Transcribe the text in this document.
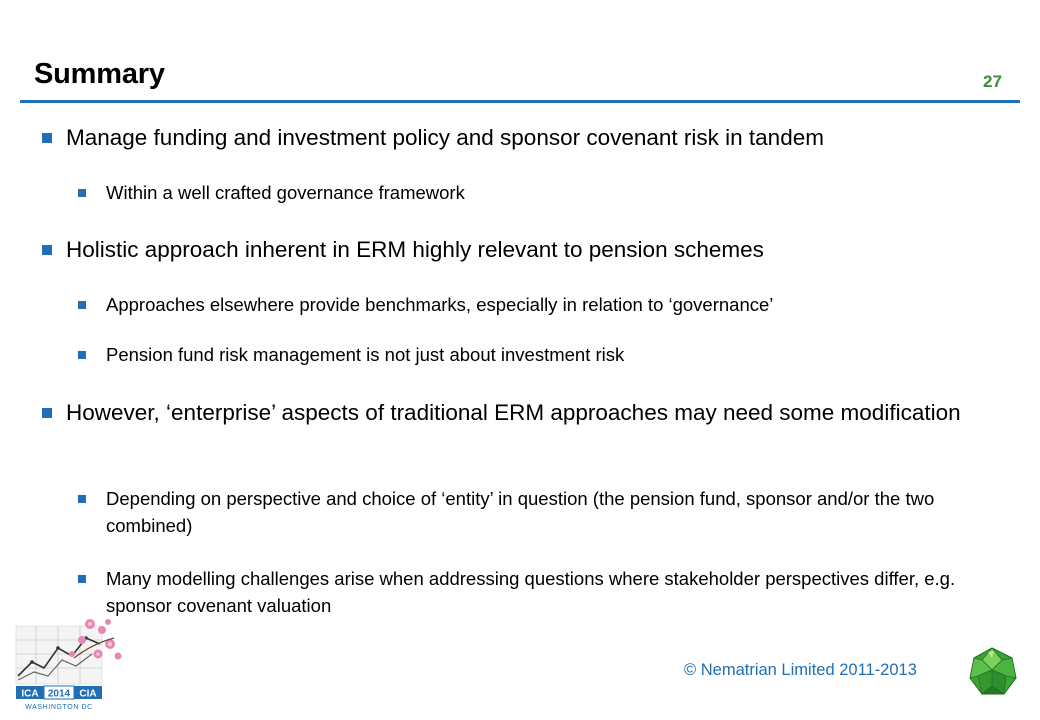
Summary	27
Manage funding and investment policy and sponsor covenant risk in tandem
Within a well crafted governance framework
Holistic approach inherent in ERM highly relevant to pension schemes
Approaches elsewhere provide benchmarks, especially in relation to ‘governance’
Pension fund risk management is not just about investment risk
However, ‘enterprise’ aspects of traditional ERM approaches may need some modification
Depending on perspective and choice of ‘entity’ in question (the pension fund, sponsor and/or the two combined)
Many modelling challenges arise when addressing questions where stakeholder perspectives differ, e.g. sponsor covenant valuation
ICA 2014 CIA
WASHINGTON DC
© Nematrian Limited 2011-2013
